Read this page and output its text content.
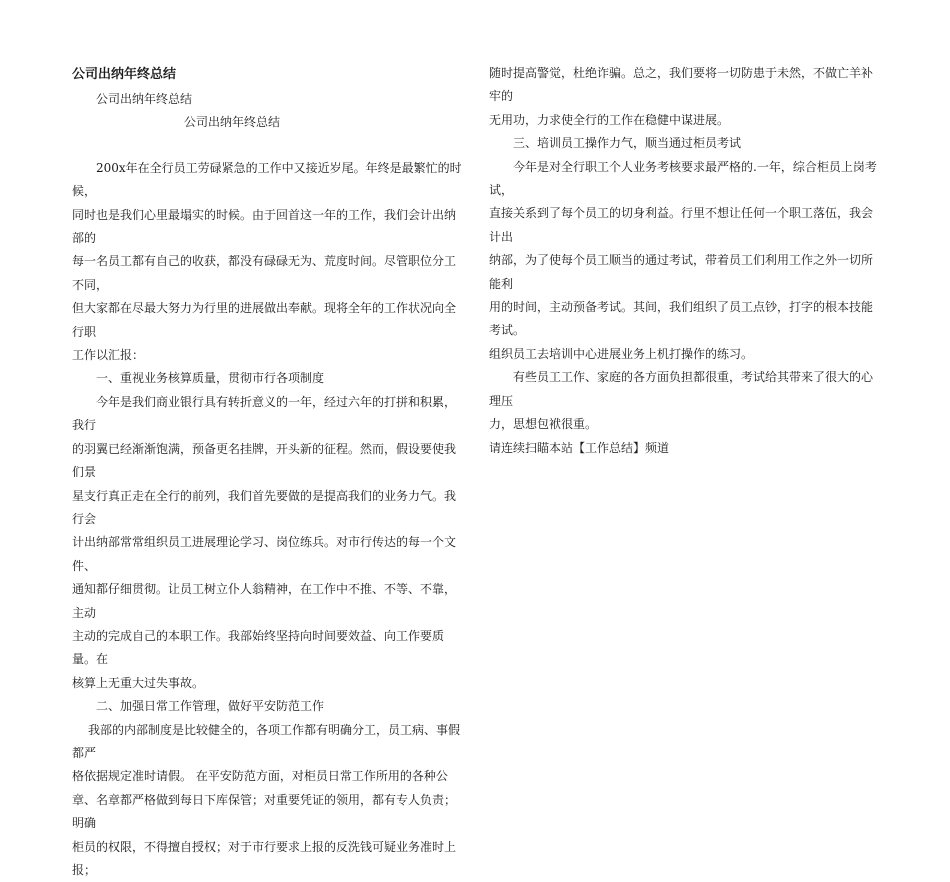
公司出纳年终总结

公司出纳年终总结

公司出纳年终总结

200x年在全行员工劳碌紧急的工作中又接近岁尾。年终是最繁忙的时候，
同时也是我们心里最塌实的时候。由于回首这一年的工作，我们会计出纳部的
每一名员工都有自己的收获，都没有碌碌无为、荒度时间。尽管职位分工不同，
但大家都在尽最大努力为行里的进展做出奉献。现将全年的工作状况向全行职
工作以汇报：

一、重视业务核算质量，贯彻市行各项制度

今年是我们商业银行具有转折意义的一年，经过六年的打拼和积累，我行
的羽翼已经渐渐饱满，预备更名挂牌，开头新的征程。然而，假设要使我们景
星支行真正走在全行的前列，我们首先要做的是提高我们的业务力气。我行会
计出纳部常常组织员工进展理论学习、岗位练兵。对市行传达的每一个文件、
通知都仔细贯彻。让员工树立仆人翁精神，在工作中不推、不等、不靠，主动
主动的完成自己的本职工作。我部始终坚持向时间要效益、向工作要质量。在
核算上无重大过失事故。

二、加强日常工作管理，做好平安防范工作

我部的内部制度是比较健全的，各项工作都有明确分工，员工病、事假都严
格依据规定准时请假。 在平安防范方面，对柜员日常工作所用的各种公
章、名章都严格做到每日下库保管；对重要凭证的领用，都有专人负责；明确
柜员的权限，不得擅自授权；对于市行要求上报的反洗钱可疑业务准时上报；

随时提高警觉，杜绝诈骗。总之，我们要将一切防患于未然，不做亡羊补牢的
无用功，力求使全行的工作在稳健中谋进展。

三、培训员工操作力气，顺当通过柜员考试

今年是对全行职工个人业务考核要求最严格的.一年，综合柜员上岗考试，
直接关系到了每个员工的切身利益。行里不想让任何一个职工落伍，我会计出
纳部，为了使每个员工顺当的通过考试，带着员工们利用工作之外一切所能利
用的时间，主动预备考试。其间，我们组织了员工点钞，打字的根本技能考试。
组织员工去培训中心进展业务上机打操作的练习。

有些员工工作、家庭的各方面负担都很重，考试给其带来了很大的心理压
力，思想包袱很重。

请连续扫瞄本站【工作总结】频道
